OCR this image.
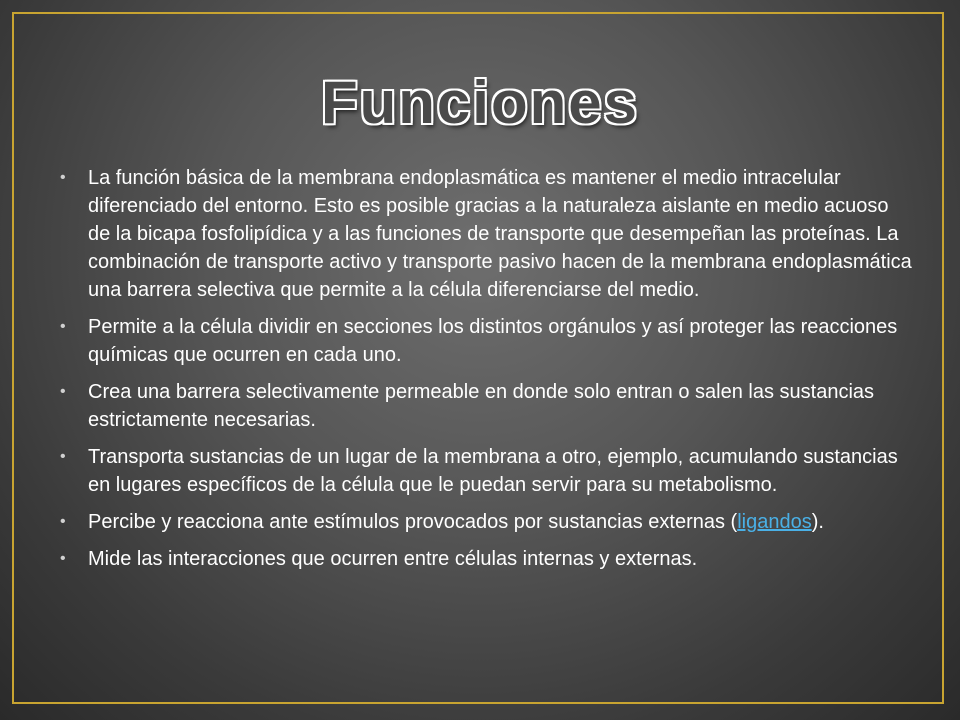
Funciones
• La función básica de la membrana endoplasmática es mantener el medio intracelular diferenciado del entorno. Esto es posible gracias a la naturaleza aislante en medio acuoso de la bicapa fosfolipídica y a las funciones de transporte que desempeñan las proteínas. La combinación de transporte activo y transporte pasivo hacen de la membrana endoplasmática una barrera selectiva que permite a la célula diferenciarse del medio.
• Permite a la célula dividir en secciones los distintos orgánulos y así proteger las reacciones químicas que ocurren en cada uno.
• Crea una barrera selectivamente permeable en donde solo entran o salen las sustancias estrictamente necesarias.
• Transporta sustancias de un lugar de la membrana a otro, ejemplo, acumulando sustancias en lugares específicos de la célula que le puedan servir para su metabolismo.
• Percibe y reacciona ante estímulos provocados por sustancias externas (ligandos).
• Mide las interacciones que ocurren entre células internas y externas.
